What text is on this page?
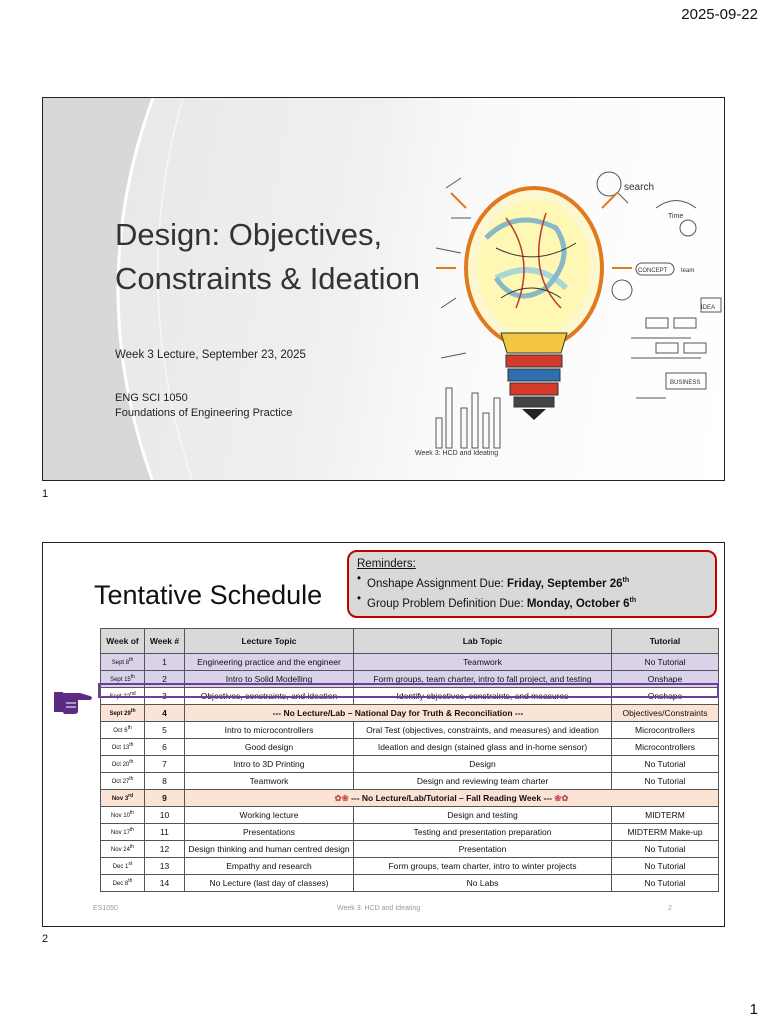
2025-09-22
Design: Objectives, Constraints & Ideation
Week 3 Lecture, September 23, 2025
ENG SCI 1050
Foundations of Engineering Practice
search
Time
CONCEPT team
IDEA
BUSINESS
Week 3: HCD and Ideating
1
Tentative Schedule
Reminders:
• Onshape Assignment Due: Friday, September 26th
• Group Problem Definition Due: Monday, October 6th
Week of	Week #	Lecture Topic	Lab Topic	Tutorial
Sept 8th	1	Engineering practice and the engineer	Teamwork	No Tutorial
Sept 15th	2	Intro to Solid Modelling	Form groups, team charter, intro to fall project, and testing	Onshape
Sept 22nd	3	Objectives, constraints, and ideation	Identify objectives, constraints, and measures	Onshape
Sept 29th	4	--- No Lecture/Lab – National Day for Truth & Reconciliation ---		Objectives/Constraints
Oct 6th	5	Intro to microcontrollers	Oral Test (objectives, constraints, and measures) and ideation	Microcontrollers
Oct 13th	6	Good design	Ideation and design (stained glass and in-home sensor)	Microcontrollers
Oct 20th	7	Intro to 3D Printing	Design	No Tutorial
Oct 27th	8	Teamwork	Design and reviewing team charter	No Tutorial
Nov 3rd	9	✿❀ --- No Lecture/Lab/Tutorial – Fall Reading Week --- ❀✿		
Nov 10th	10	Working lecture	Design and testing	MIDTERM
Nov 17th	11	Presentations	Testing and presentation preparation	MIDTERM Make-up
Nov 24th	12	Design thinking and human centred design	Presentation	No Tutorial
Dec 1st	13	Empathy and research	Form groups, team charter, intro to winter projects	No Tutorial
Dec 8th	14	No Lecture (last day of classes)	No Labs	No Tutorial
ES1050	Week 3: HCD and Ideating	2
2
1
